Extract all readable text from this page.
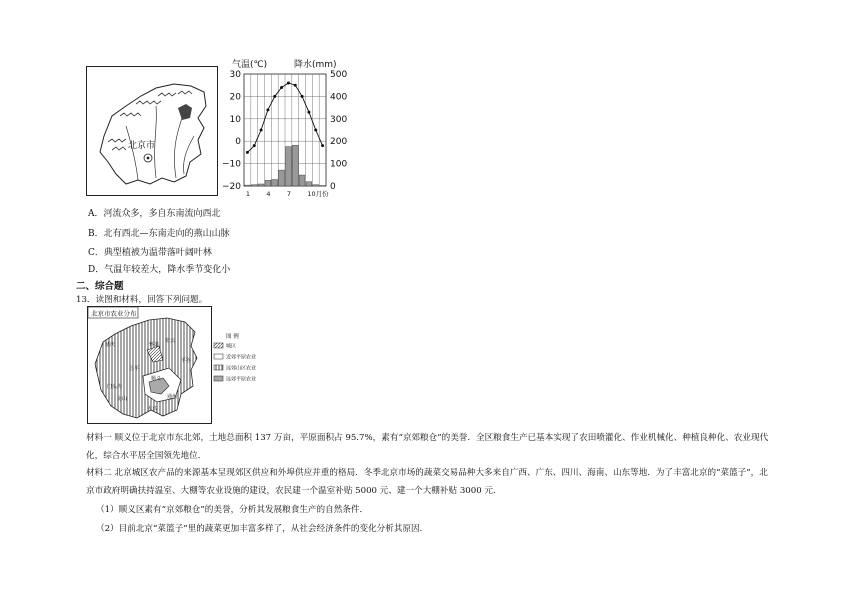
北京市
气温(℃)	降水(mm)
30
20
10
0
−10
−20
500
400
300
200
100
0
1	4	7	10月份
A．河流众多，多自东南流向西北
B．北有西北—东南走向的燕山山脉
C．典型植被为温带落叶阔叶林
D．气温年较差大，降水季节变化小
二、综合题
13．读图和材料，回答下列问题。
北京市农业分布
延庆	怀柔
密云
昌平
顺义
平谷
门头沟
房山	通州
大兴
图 例
城区
近郊平原农业
远郊山区农业
远郊平原农业
材料一 顺义位于北京市东北郊，土地总面积 137 万亩，平原面积占 95.7%，素有“京郊粮仓”的美誉．全区粮食生产已基本实现了农田喷灌化、作业机械化、种植良种化、农业现代化，综合水平居全国领先地位．
材料二 北京城区农产品的来源基本呈现郊区供应和外埠供应并重的格局．冬季北京市场的蔬菜交易品种大多来自广西、广东、四川、海南、山东等地．为了丰富北京的“菜篮子”，北京市政府明确扶持温室、大棚等农业设施的建设，农民建一个温室补贴 5000 元、建一个大棚补贴 3000 元．
（1）顺义区素有“京郊粮仓”的美誉，分析其发展粮食生产的自然条件．
（2）目前北京“菜篮子”里的蔬菜更加丰富多样了，从社会经济条件的变化分析其原因．
